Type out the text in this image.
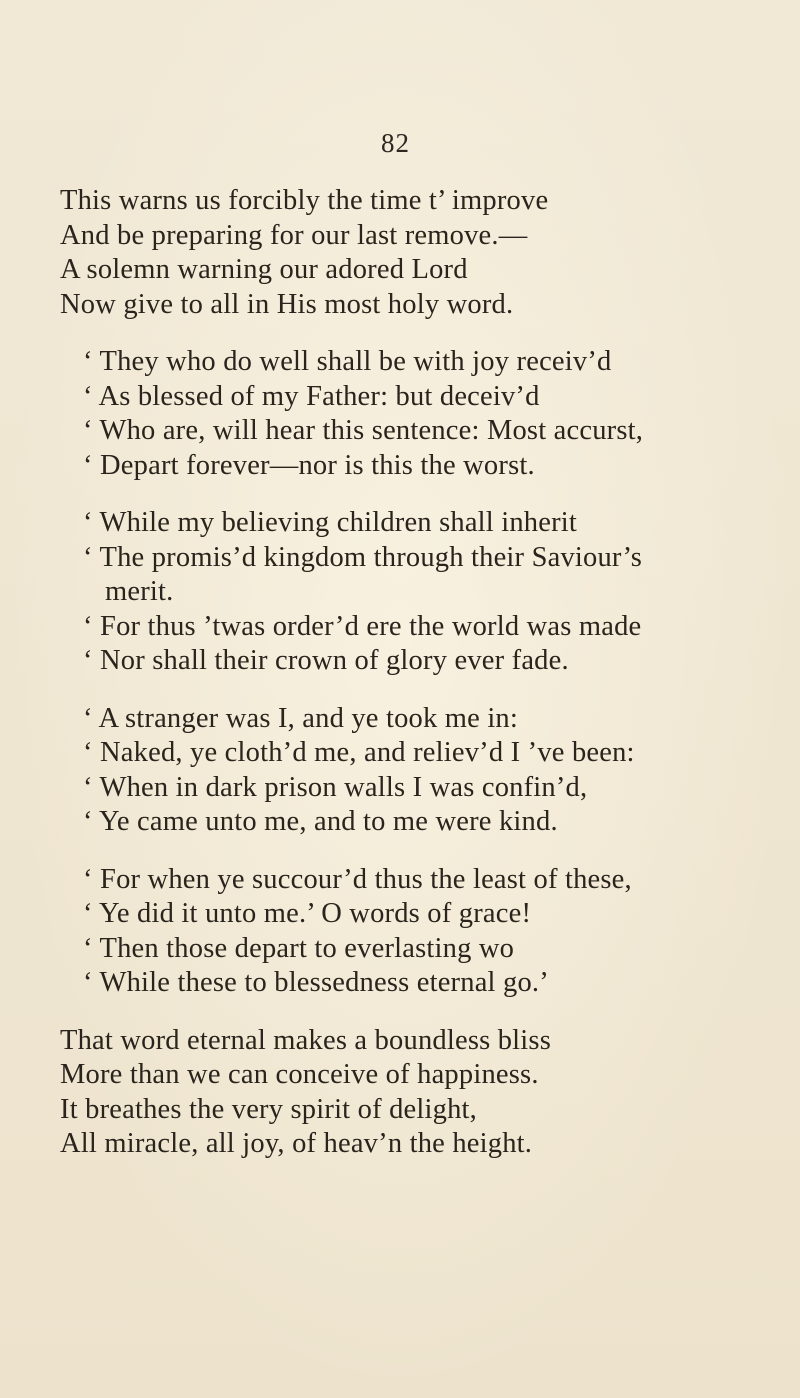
82
This warns us forcibly the time t’ improve
And be preparing for our last remove.—
A solemn warning our adored Lord
Now give to all in His most holy word.
‘ They who do well shall be with joy receiv’d
‘ As blessed of my Father: but deceiv’d
‘ Who are, will hear this sentence: Most accurst,
‘ Depart forever—nor is this the worst.
‘ While my believing children shall inherit
‘ The promis’d kingdom through their Saviour’s
merit.
‘ For thus ’twas order’d ere the world was made
‘ Nor shall their crown of glory ever fade.
‘ A stranger was I, and ye took me in:
‘ Naked, ye cloth’d me, and reliev’d I ’ve been:
‘ When in dark prison walls I was confin’d,
‘ Ye came unto me, and to me were kind.
‘ For when ye succour’d thus the least of these,
‘ Ye did it unto me.’ O words of grace!
‘ Then those depart to everlasting wo
‘ While these to blessedness eternal go.’
That word eternal makes a boundless bliss
More than we can conceive of happiness.
It breathes the very spirit of delight,
All miracle, all joy, of heav’n the height.
